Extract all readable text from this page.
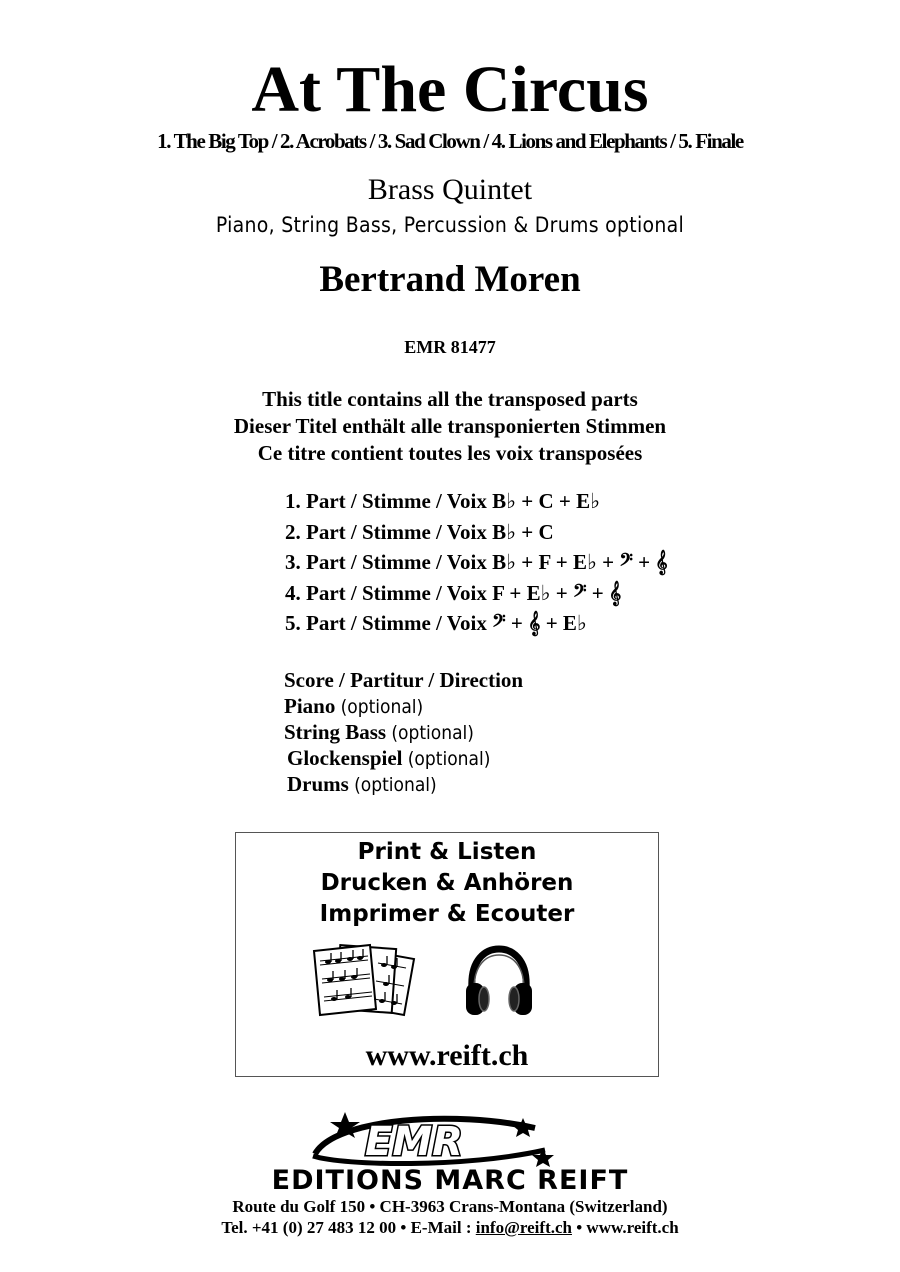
At The Circus
1. The Big Top / 2. Acrobats / 3. Sad Clown / 4. Lions and Elephants / 5. Finale
Brass Quintet
Piano, String Bass, Percussion & Drums optional
Bertrand Moren
EMR 81477
This title contains all the transposed parts
Dieser Titel enthält alle transponierten Stimmen
Ce titre contient toutes les voix transposées
1. Part / Stimme / Voix B♭ + C + E♭
2. Part / Stimme / Voix B♭ + C
3. Part / Stimme / Voix B♭ + F + E♭ + 𝄢 + 𝄞
4. Part / Stimme / Voix F + E♭ + 𝄢 + 𝄞
5. Part / Stimme / Voix 𝄢 + 𝄞 + E♭
Score / Partitur / Direction
Piano (optional)
String Bass (optional)
Glockenspiel (optional)
Drums (optional)
Print & Listen
Drucken & Anhören
Imprimer & Ecouter
www.reift.ch
EMR
EDITIONS MARC REIFT
Route du Golf 150 • CH-3963 Crans-Montana (Switzerland)
Tel. +41 (0) 27 483 12 00 • E-Mail : info@reift.ch • www.reift.ch
